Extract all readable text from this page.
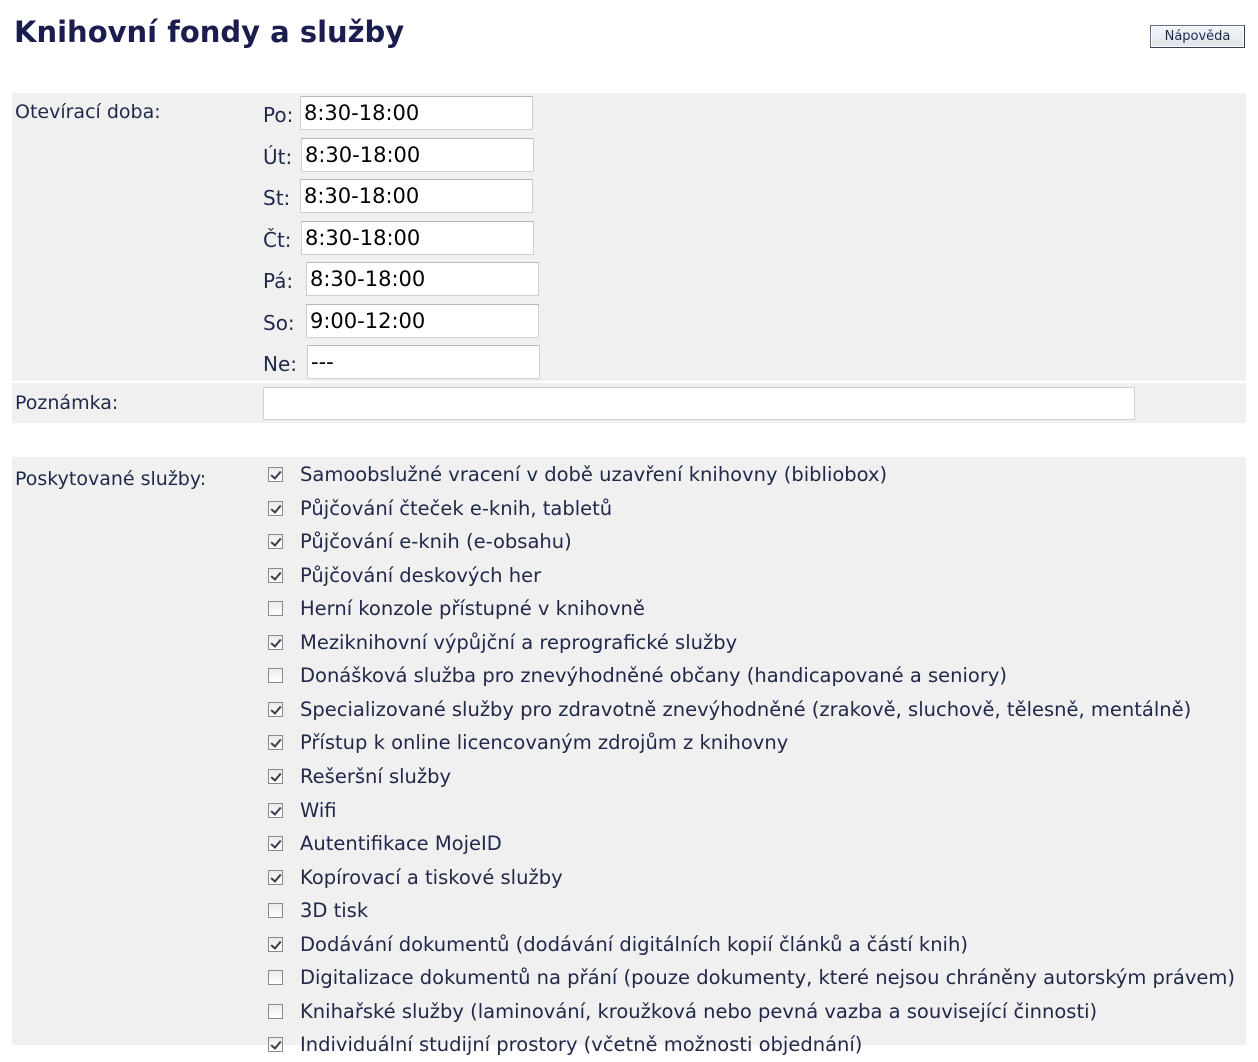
Knihovní fondy a služby	Nápověda
Otevírací doba:	Po:
8:30-18:00
Út:
8:30-18:00
St:
8:30-18:00
Čt:
8:30-18:00
Pá:
8:30-18:00
So:
9:00-12:00
Ne:
---
Poznámka:
Poskytované služby:	Samoobslužné vracení v době uzavření knihovny (bibliobox)
Půjčování čteček e-knih, tabletů
Půjčování e-knih (e-obsahu)
Půjčování deskových her
Herní konzole přístupné v knihovně
Meziknihovní výpůjční a reprografické služby
Donášková služba pro znevýhodněné občany (handicapované a seniory)
Specializované služby pro zdravotně znevýhodněné (zrakově, sluchově, tělesně, mentálně)
Přístup k online licencovaným zdrojům z knihovny
Rešeršní služby
Wifi
Autentifikace MojeID
Kopírovací a tiskové služby
3D tisk
Dodávání dokumentů (dodávání digitálních kopií článků a částí knih)
Digitalizace dokumentů na přání (pouze dokumenty, které nejsou chráněny autorským právem)
Knihařské služby (laminování, kroužková nebo pevná vazba a související činnosti)
Individuální studijní prostory (včetně možnosti objednání)
